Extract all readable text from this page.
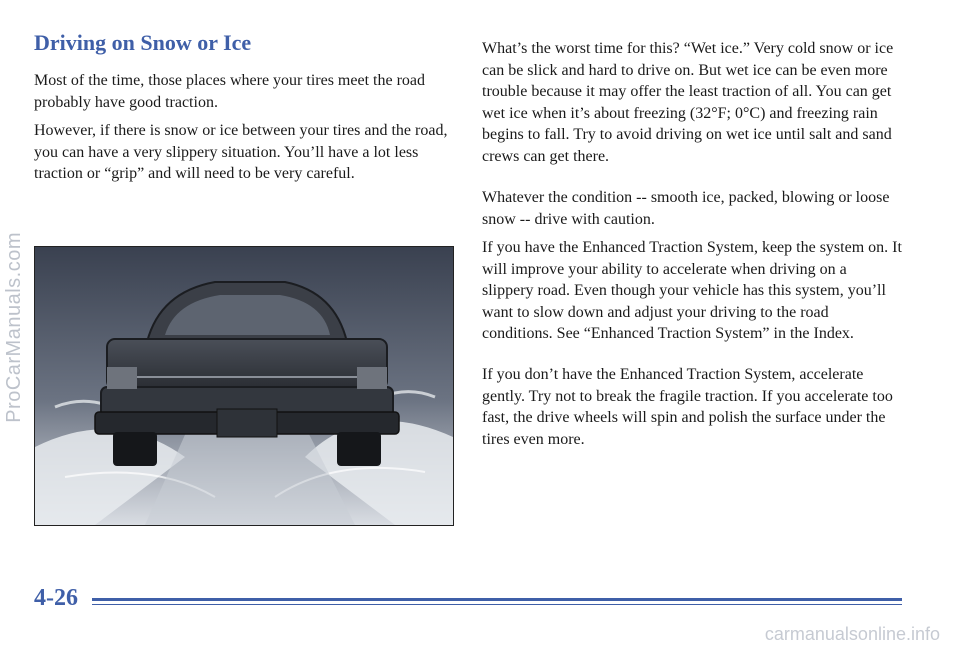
Driving on Snow or Ice

Most of the time, those places where your tires meet the road probably have good traction.

However, if there is snow or ice between your tires and the road, you can have a very slippery situation. You’ll have a lot less traction or “grip” and will need to be very careful.

What’s the worst time for this? “Wet ice.” Very cold snow or ice can be slick and hard to drive on. But wet ice can be even more trouble because it may offer the least traction of all. You can get wet ice when it’s about freezing (32°F; 0°C) and freezing rain begins to fall. Try to avoid driving on wet ice until salt and sand crews can get there.

Whatever the condition -- smooth ice, packed, blowing or loose snow -- drive with caution.

If you have the Enhanced Traction System, keep the system on. It will improve your ability to accelerate when driving on a slippery road. Even though your vehicle has this system, you’ll want to slow down and adjust your driving to the road conditions. See “Enhanced Traction System” in the Index.

If you don’t have the Enhanced Traction System, accelerate gently. Try not to break the fragile traction. If you accelerate too fast, the drive wheels will spin and polish the surface under the tires even more.

4-26
ProCarManuals.com
carmanualsonline.info
